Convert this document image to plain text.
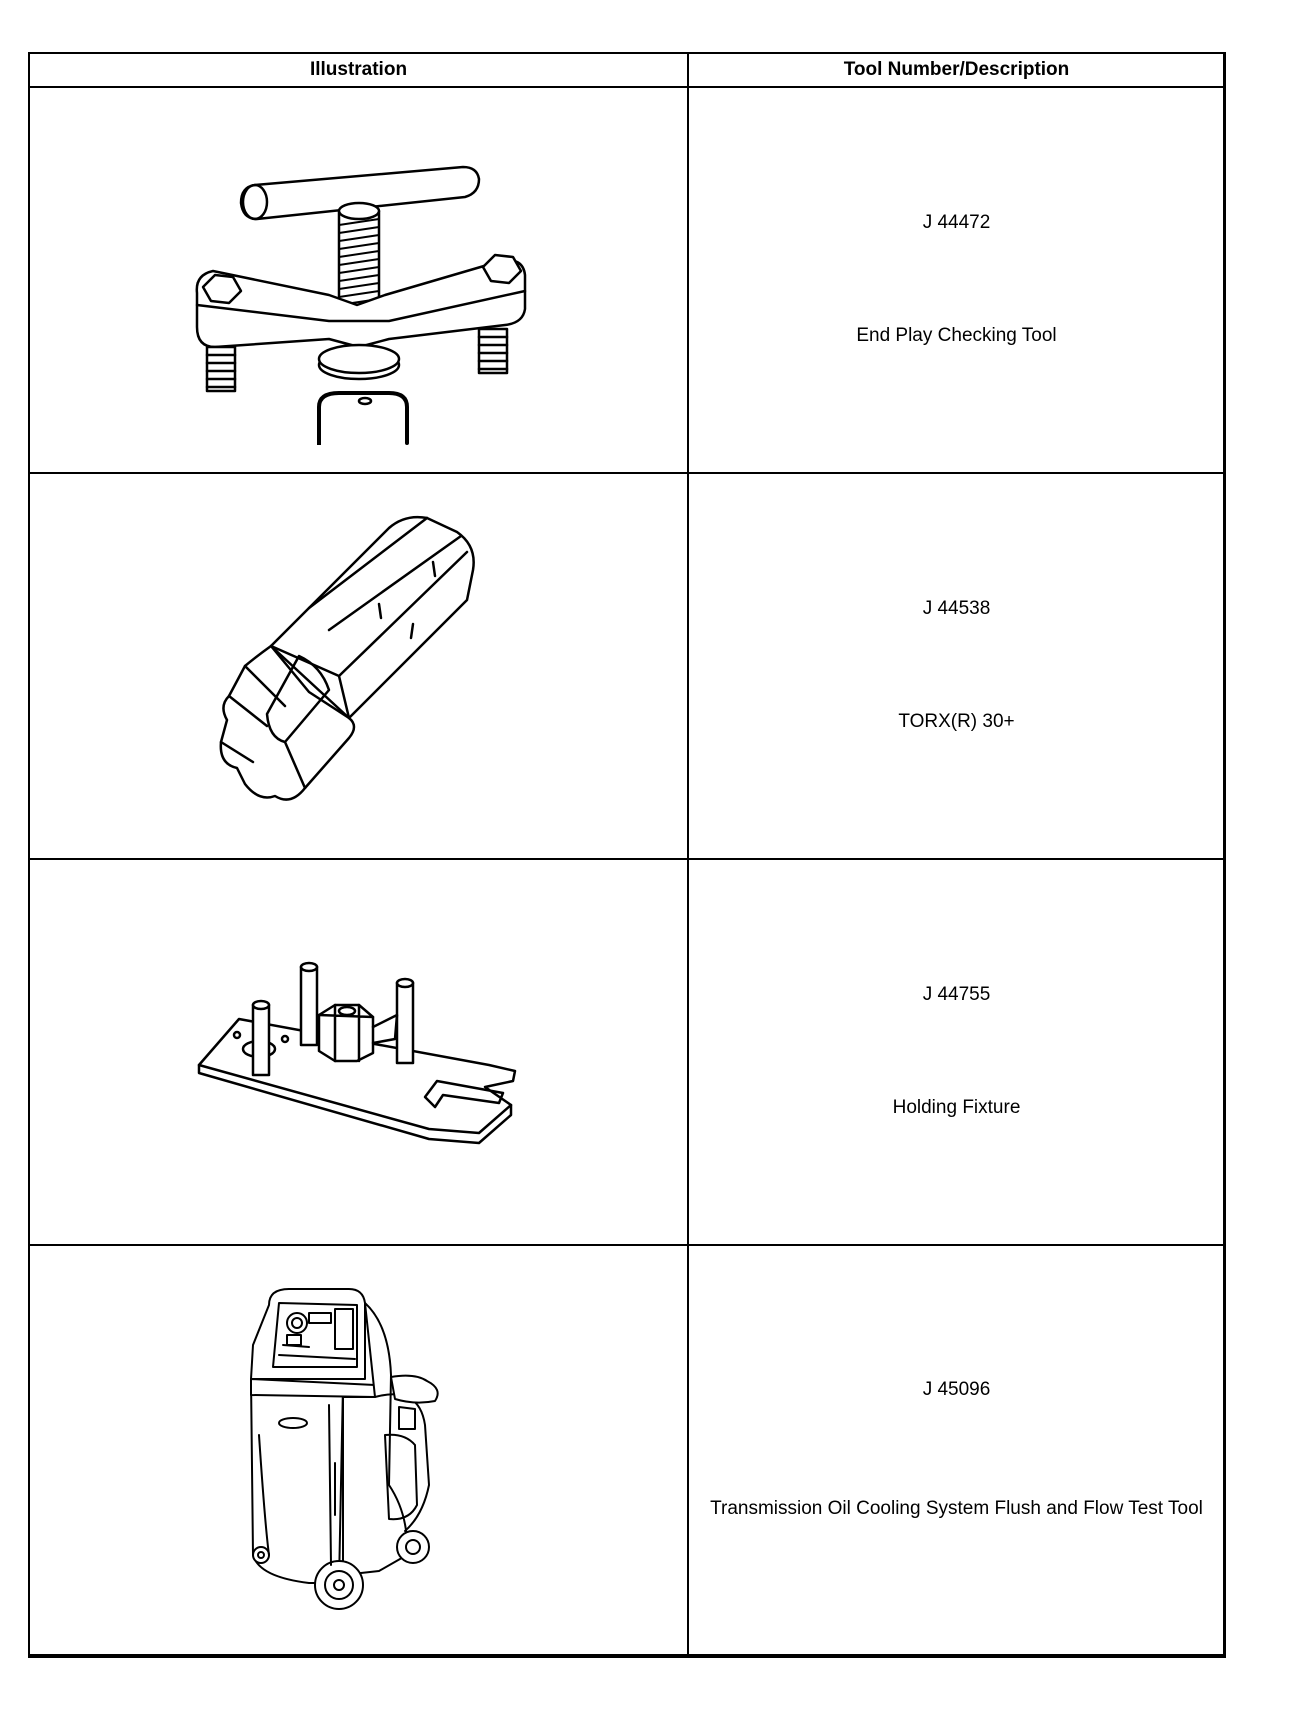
Illustration	Tool Number/Description

J 44472
End Play Checking Tool

J 44538
TORX(R) 30+

J 44755
Holding Fixture

J 45096
Transmission Oil Cooling System Flush and Flow Test Tool
